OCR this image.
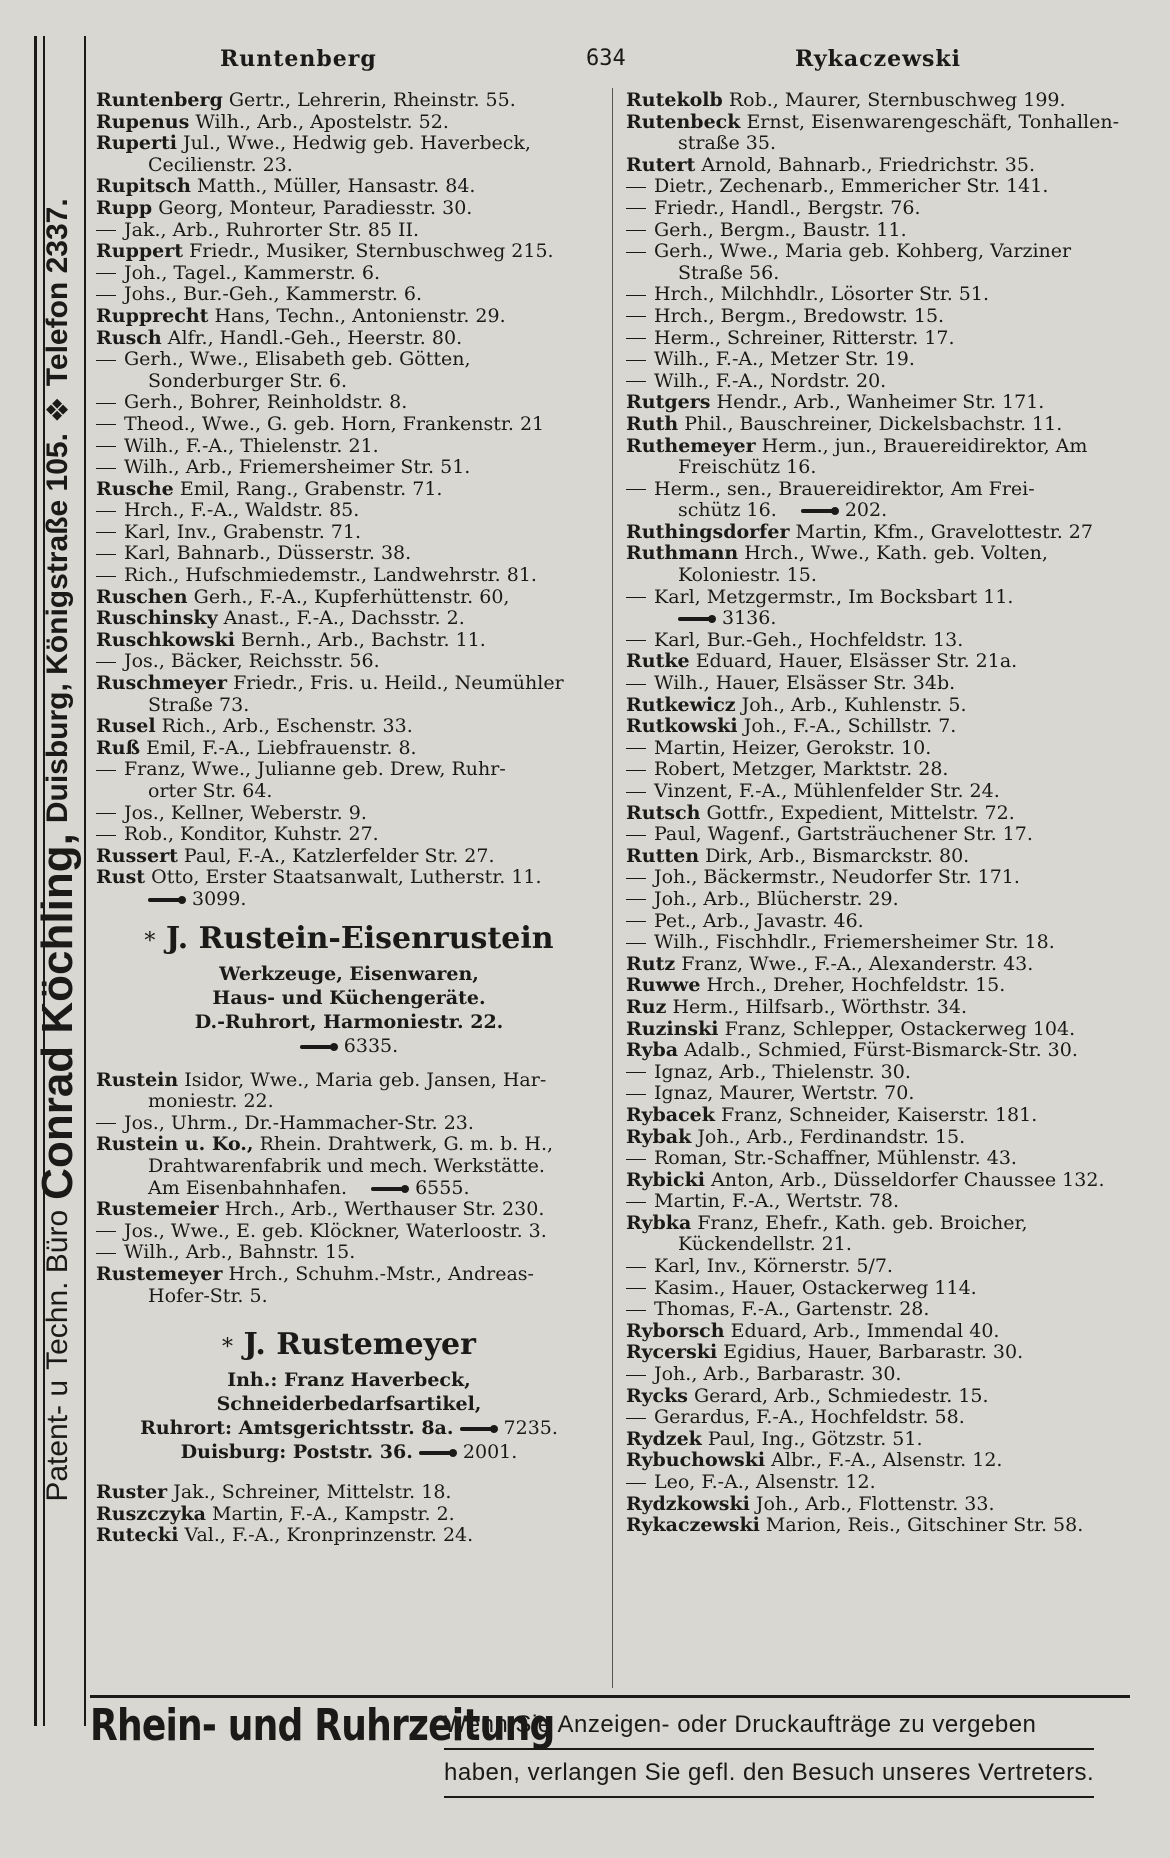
Patent- u
Techn. Büro
Conrad Köchling,
Duisburg, Königstraße 105.
❖
Telefon 2337.
Runtenberg	634	Rykaczewski
Runtenberg Gertr., Lehrerin, Rheinstr. 55.
Rupenus Wilh., Arb., Apostelstr. 52.
Ruperti Jul., Wwe., Hedwig geb. Haverbeck,
Cecilienstr. 23.
Rupitsch Matth., Müller, Hansastr. 84.
Rupp Georg, Monteur, Paradiesstr. 30.
Jak., Arb., Ruhrorter Str. 85 II.
Ruppert Friedr., Musiker, Sternbuschweg 215.
Joh., Tagel., Kammerstr. 6.
Johs., Bur.-Geh., Kammerstr. 6.
Rupprecht Hans, Techn., Antonienstr. 29.
Rusch Alfr., Handl.-Geh., Heerstr. 80.
Gerh., Wwe., Elisabeth geb. Götten,
Sonderburger Str. 6.
Gerh., Bohrer, Reinholdstr. 8.
Theod., Wwe., G. geb. Horn, Frankenstr. 21
Wilh., F.-A., Thielenstr. 21.
Wilh., Arb., Friemersheimer Str. 51.
Rusche Emil, Rang., Grabenstr. 71.
Hrch., F.-A., Waldstr. 85.
Karl, Inv., Grabenstr. 71.
Karl, Bahnarb., Düsserstr. 38.
Rich., Hufschmiedemstr., Landwehrstr. 81.
Ruschen Gerh., F.-A., Kupferhüttenstr. 60,
Ruschinsky Anast., F.-A., Dachsstr. 2.
Ruschkowski Bernh., Arb., Bachstr. 11.
Jos., Bäcker, Reichsstr. 56.
Ruschmeyer Friedr., Fris. u. Heild., Neumühler
Straße 73.
Rusel Rich., Arb., Eschenstr. 33.
Ruß Emil, F.-A., Liebfrauenstr. 8.
Franz, Wwe., Julianne geb. Drew, Ruhr-
orter Str. 64.
Jos., Kellner, Weberstr. 9.
Rob., Konditor, Kuhstr. 27.
Russert Paul, F.-A., Katzlerfelder Str. 27.
Rust Otto, Erster Staatsanwalt, Lutherstr. 11.
3099.
* J. Rustein-Eisenrustein
Werkzeuge, Eisenwaren,
Haus- und Küchengeräte.
D.-Ruhrort, Harmoniestr. 22.
6335.
Rustein Isidor, Wwe., Maria geb. Jansen, Har-
moniestr. 22.
Jos., Uhrm., Dr.-Hammacher-Str. 23.
Rustein u. Ko., Rhein. Drahtwerk, G. m. b. H.,
Drahtwarenfabrik und mech. Werkstätte.
Am Eisenbahnhafen.	6555.
Rustemeier Hrch., Arb., Werthauser Str. 230.
Jos., Wwe., E. geb. Klöckner, Waterloostr. 3.
Wilh., Arb., Bahnstr. 15.
Rustemeyer Hrch., Schuhm.-Mstr., Andreas-
Hofer-Str. 5.
* J. Rustemeyer
Inh.: Franz Haverbeck,
Schneiderbedarfsartikel,
Ruhrort: Amtsgerichtsstr. 8a.	7235.
Duisburg: Poststr. 36.	2001.
Ruster Jak., Schreiner, Mittelstr. 18.
Ruszczyka Martin, F.-A., Kampstr. 2.
Rutecki Val., F.-A., Kronprinzenstr. 24.
Rutekolb Rob., Maurer, Sternbuschweg 199.
Rutenbeck Ernst, Eisenwarengeschäft, Tonhallen-
straße 35.
Rutert Arnold, Bahnarb., Friedrichstr. 35.
Dietr., Zechenarb., Emmericher Str. 141.
Friedr., Handl., Bergstr. 76.
Gerh., Bergm., Baustr. 11.
Gerh., Wwe., Maria geb. Kohberg, Varziner
Straße 56.
Hrch., Milchhdlr., Lösorter Str. 51.
Hrch., Bergm., Bredowstr. 15.
Herm., Schreiner, Ritterstr. 17.
Wilh., F.-A., Metzer Str. 19.
Wilh., F.-A., Nordstr. 20.
Rutgers Hendr., Arb., Wanheimer Str. 171.
Ruth Phil., Bauschreiner, Dickelsbachstr. 11.
Ruthemeyer Herm., jun., Brauereidirektor, Am
Freischütz 16.
Herm., sen., Brauereidirektor, Am Frei-
schütz 16.	202.
Ruthingsdorfer Martin, Kfm., Gravelottestr. 27
Ruthmann Hrch., Wwe., Kath. geb. Volten,
Koloniestr. 15.
Karl, Metzgermstr., Im Bocksbart 11.
3136.
Karl, Bur.-Geh., Hochfeldstr. 13.
Rutke Eduard, Hauer, Elsässer Str. 21a.
Wilh., Hauer, Elsässer Str. 34b.
Rutkewicz Joh., Arb., Kuhlenstr. 5.
Rutkowski Joh., F.-A., Schillstr. 7.
Martin, Heizer, Gerokstr. 10.
Robert, Metzger, Marktstr. 28.
Vinzent, F.-A., Mühlenfelder Str. 24.
Rutsch Gottfr., Expedient, Mittelstr. 72.
Paul, Wagenf., Gartsträuchener Str. 17.
Rutten Dirk, Arb., Bismarckstr. 80.
Joh., Bäckermstr., Neudorfer Str. 171.
Joh., Arb., Blücherstr. 29.
Pet., Arb., Javastr. 46.
Wilh., Fischhdlr., Friemersheimer Str. 18.
Rutz Franz, Wwe., F.-A., Alexanderstr. 43.
Ruwwe Hrch., Dreher, Hochfeldstr. 15.
Ruz Herm., Hilfsarb., Wörthstr. 34.
Ruzinski Franz, Schlepper, Ostackerweg 104.
Ryba Adalb., Schmied, Fürst-Bismarck-Str. 30.
Ignaz, Arb., Thielenstr. 30.
Ignaz, Maurer, Wertstr. 70.
Rybacek Franz, Schneider, Kaiserstr. 181.
Rybak Joh., Arb., Ferdinandstr. 15.
Roman, Str.-Schaffner, Mühlenstr. 43.
Rybicki Anton, Arb., Düsseldorfer Chaussee 132.
Martin, F.-A., Wertstr. 78.
Rybka Franz, Ehefr., Kath. geb. Broicher,
Kückendellstr. 21.
Karl, Inv., Körnerstr. 5/7.
Kasim., Hauer, Ostackerweg 114.
Thomas, F.-A., Gartenstr. 28.
Ryborsch Eduard, Arb., Immendal 40.
Rycerski Egidius, Hauer, Barbarastr. 30.
Joh., Arb., Barbarastr. 30.
Rycks Gerard, Arb., Schmiedestr. 15.
Gerardus, F.-A., Hochfeldstr. 58.
Rydzek Paul, Ing., Götzstr. 51.
Rybuchowski Albr., F.-A., Alsenstr. 12.
Leo, F.-A., Alsenstr. 12.
Rydzkowski Joh., Arb., Flottenstr. 33.
Rykaczewski Marion, Reis., Gitschiner Str. 58.
Rhein- und Ruhrzeitung
Wenn Sie Anzeigen- oder Druckaufträge zu vergeben
haben, verlangen Sie gefl. den Besuch unseres Vertreters.
